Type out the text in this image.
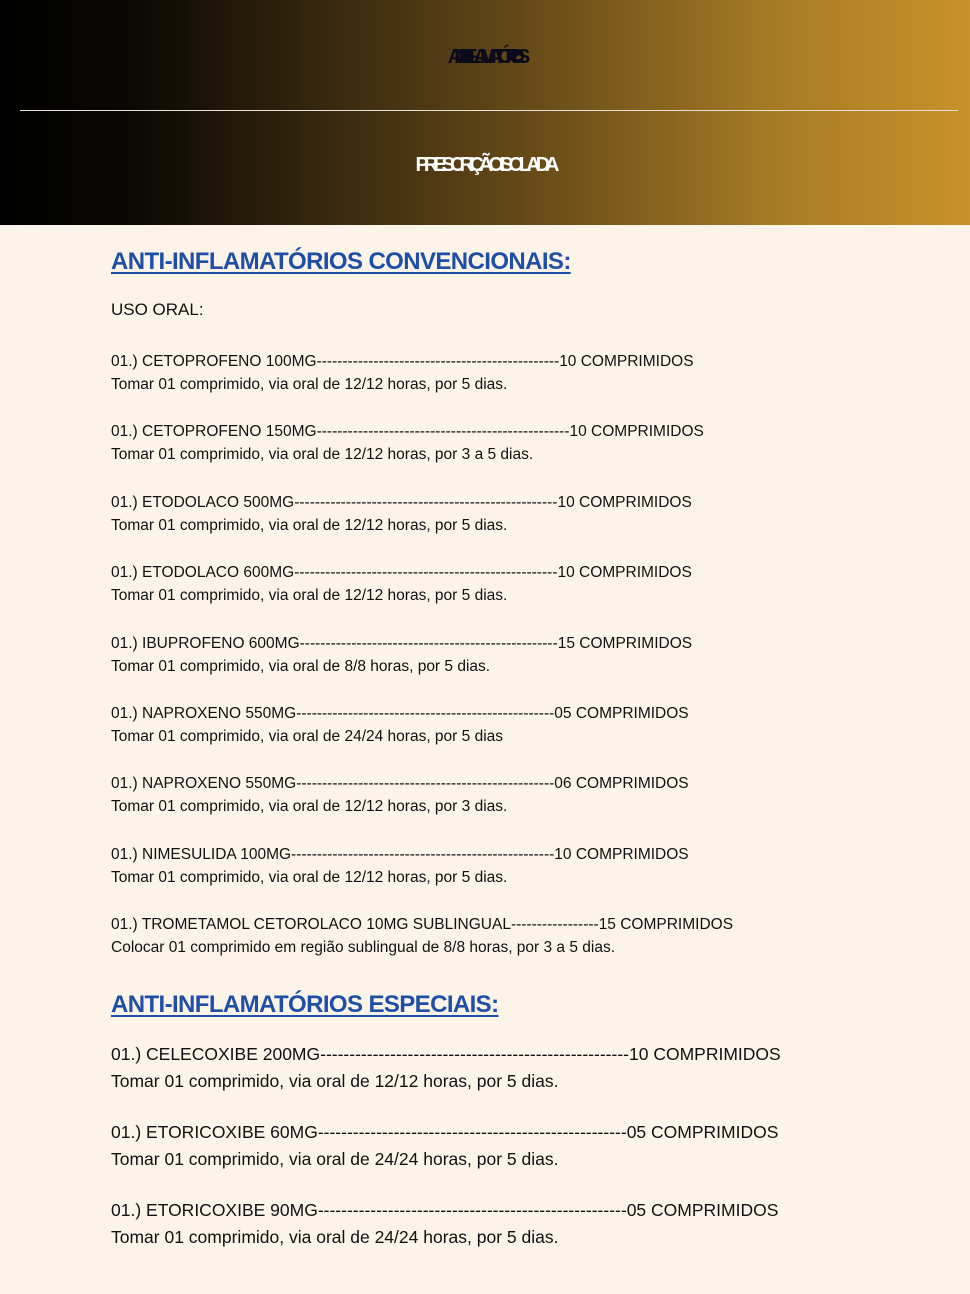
ANTI-INFLAMATÓRIOS
PRESCRIÇÃO ISOLADA
ANTI-INFLAMATÓRIOS CONVENCIONAIS:
USO ORAL:
01.) CETOPROFENO 100MG ----------------------------------------------- 10 COMPRIMIDOS
Tomar 01 comprimido, via oral de 12/12 horas, por 5 dias.
01.) CETOPROFENO 150MG ------------------------------------------------- 10 COMPRIMIDOS
Tomar 01 comprimido, via oral de 12/12 horas, por 3 a 5 dias.
01.) ETODOLACO 500MG --------------------------------------------------- 10 COMPRIMIDOS
Tomar 01 comprimido, via oral de 12/12 horas, por 5 dias.
01.) ETODOLACO 600MG --------------------------------------------------- 10 COMPRIMIDOS
Tomar 01 comprimido, via oral de 12/12 horas, por 5 dias.
01.) IBUPROFENO 600MG -------------------------------------------------- 15 COMPRIMIDOS
Tomar 01 comprimido, via oral de 8/8 horas, por 5 dias.
01.) NAPROXENO 550MG -------------------------------------------------- 05 COMPRIMIDOS
Tomar 01 comprimido, via oral de 24/24 horas, por 5 dias
01.) NAPROXENO 550MG -------------------------------------------------- 06 COMPRIMIDOS
Tomar 01 comprimido, via oral de 12/12 horas, por 3 dias.
01.) NIMESULIDA 100MG --------------------------------------------------- 10 COMPRIMIDOS
Tomar 01 comprimido, via oral de 12/12 horas, por 5 dias.
01.) TROMETAMOL CETOROLACO 10MG SUBLINGUAL ----------------- 15 COMPRIMIDOS
Colocar 01 comprimido em região sublingual de 8/8 horas, por 3 a 5 dias.
ANTI-INFLAMATÓRIOS ESPECIAIS:
01.) CELECOXIBE 200MG ----------------------------------------------------- 10 COMPRIMIDOS
Tomar 01 comprimido, via oral de 12/12 horas, por 5 dias.
01.) ETORICOXIBE 60MG ----------------------------------------------------- 05 COMPRIMIDOS
Tomar 01 comprimido, via oral de 24/24 horas, por 5 dias.
01.) ETORICOXIBE 90MG ----------------------------------------------------- 05 COMPRIMIDOS
Tomar 01 comprimido, via oral de 24/24 horas, por 5 dias.
